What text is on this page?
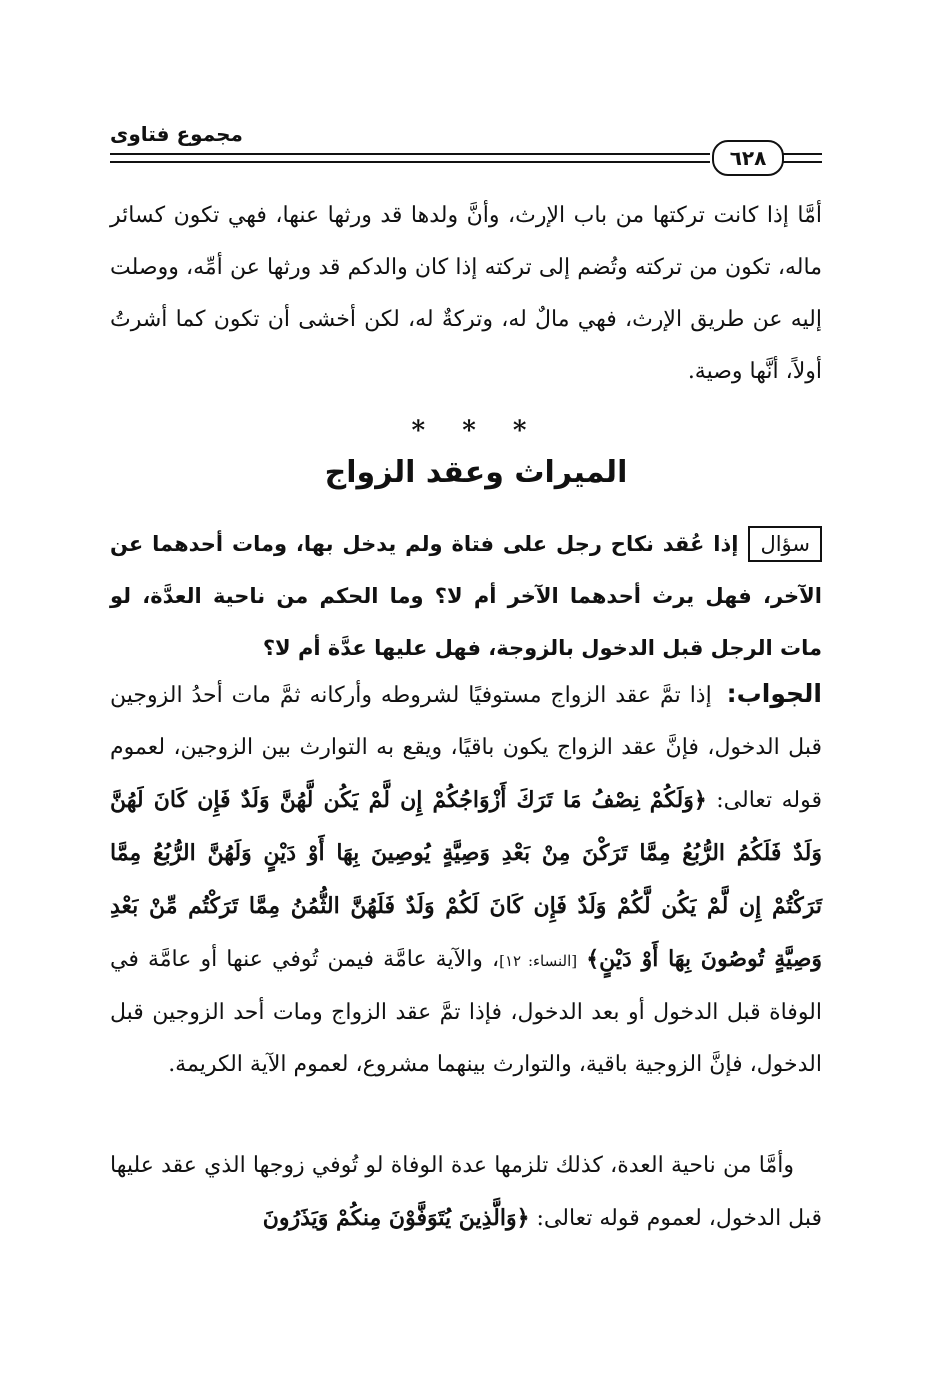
مجموع فتاوى
٦٢٨

أمَّا إذا كانت تركتها من باب الإرث، وأنَّ ولدها قد ورثها عنها، فهي تكون كسائر ماله، تكون من تركته وتُضم إلى تركته إذا كان والدكم قد ورثها عن أمِّه، ووصلت إليه عن طريق الإرث، فهي مالٌ له، وتركةٌ له، لكن أخشى أن تكون كما أشرتُ أولاً، أنَّها وصية.

* * *
الميراث وعقد الزواج

سؤالإذا عُقد نكاح رجل على فتاة ولم يدخل بها، ومات أحدهما عن الآخر، فهل يرث أحدهما الآخر أم لا؟ وما الحكم من ناحية العدَّة، لو مات الرجل قبل الدخول بالزوجة، فهل عليها عدَّة أم لا؟

الجواب: إذا تمَّ عقد الزواج مستوفيًا لشروطه وأركانه ثمَّ مات أحدُ الزوجين قبل الدخول، فإنَّ عقد الزواج يكون باقيًا، ويقع به التوارث بين الزوجين، لعموم قوله تعالى: ﴿وَلَكُمْ نِصْفُ مَا تَرَكَ أَزْوَاجُكُمْ إِن لَّمْ يَكُن لَّهُنَّ وَلَدٌ فَإِن كَانَ لَهُنَّ وَلَدٌ فَلَكُمُ الرُّبُعُ مِمَّا تَرَكْنَ مِنْ بَعْدِ وَصِيَّةٍ يُوصِينَ بِهَا أَوْ دَيْنٍ وَلَهُنَّ الرُّبُعُ مِمَّا تَرَكْتُمْ إِن لَّمْ يَكُن لَّكُمْ وَلَدٌ فَإِن كَانَ لَكُمْ وَلَدٌ فَلَهُنَّ الثُّمُنُ مِمَّا تَرَكْتُم مِّنْ بَعْدِ وَصِيَّةٍ تُوصُونَ بِهَا أَوْ دَيْنٍ﴾ [النساء: ١٢]، والآية عامَّة فيمن تُوفي عنها أو عامَّة في الوفاة قبل الدخول أو بعد الدخول، فإذا تمَّ عقد الزواج ومات أحد الزوجين قبل الدخول، فإنَّ الزوجية باقية، والتوارث بينهما مشروع، لعموم الآية الكريمة.

وأمَّا من ناحية العدة، كذلك تلزمها عدة الوفاة لو تُوفي زوجها الذي عقد عليها قبل الدخول، لعموم قوله تعالى: ﴿وَالَّذِينَ يُتَوَفَّوْنَ مِنكُمْ وَيَذَرُونَ
